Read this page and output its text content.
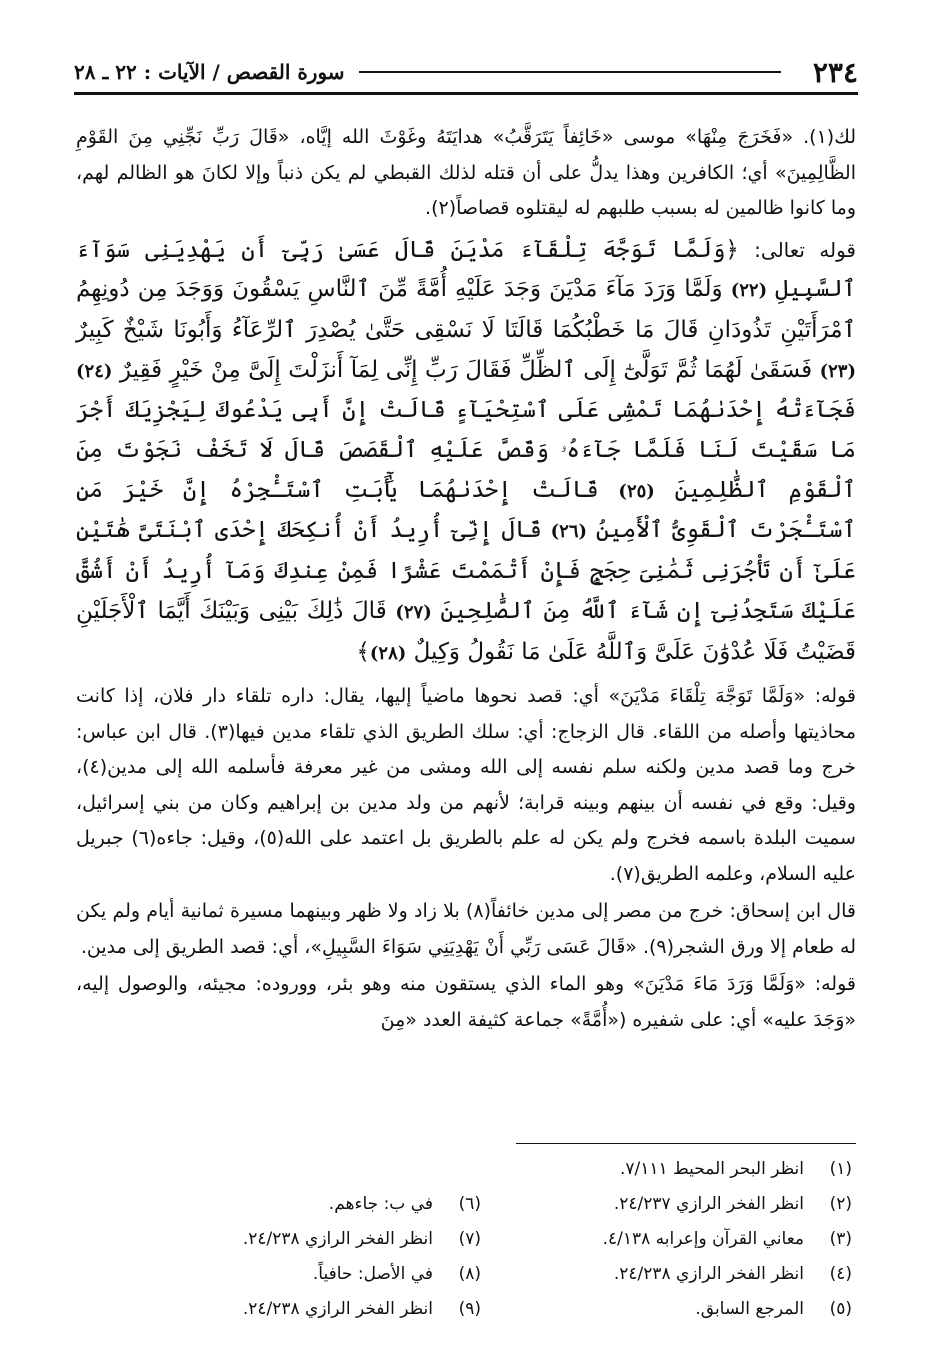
٢٣٤
سورة القصص / الآيات : ٢٢ ـ ٢٨

لك(١). «فَخَرَجَ مِنْهَا» موسى «خَائِفاً يَتَرَقَّبُ» هدايَتَهُ وغَوْثَ الله إيَّاه، «قَالَ رَبِّ نَجِّنِي مِنَ القَوْمِ الظَّالِمِينَ» أي؛ الكافرين وهذا يدلُّ على أن قتله لذلك القبطي لم يكن ذنباً وإلا لكانَ هو الظالم لهم، وما كانوا ظالمين له بسبب طلبهم له ليقتلوه قصاصاً(٢).

قوله تعالى: ﴿وَلَمَّا تَوَجَّهَ تِلْقَآءَ مَدْيَنَ قَالَ عَسَىٰ رَبِّىٓ أَن يَهْدِيَنِى سَوَآءَ ٱلسَّبِيلِ (٢٢) وَلَمَّا وَرَدَ مَآءَ مَدْيَنَ وَجَدَ عَلَيْهِ أُمَّةً مِّنَ ٱلنَّاسِ يَسْقُونَ وَوَجَدَ مِن دُونِهِمُ ٱمْرَأَتَيْنِ تَذُودَانِ قَالَ مَا خَطْبُكُمَا قَالَتَا لَا نَسْقِى حَتَّىٰ يُصْدِرَ ٱلرِّعَآءُ وَأَبُونَا شَيْخٌ كَبِيرٌ (٢٣) فَسَقَىٰ لَهُمَا ثُمَّ تَوَلَّىٰٓ إِلَى ٱلظِّلِّ فَقَالَ رَبِّ إِنِّى لِمَآ أَنزَلْتَ إِلَىَّ مِنْ خَيْرٍ فَقِيرٌ (٢٤) فَجَآءَتْهُ إِحْدَىٰهُمَا تَمْشِى عَلَى ٱسْتِحْيَآءٍ قَالَتْ إِنَّ أَبِى يَدْعُوكَ لِيَجْزِيَكَ أَجْرَ مَا سَقَيْتَ لَنَا فَلَمَّا جَآءَهُۥ وَقَصَّ عَلَيْهِ ٱلْقَصَصَ قَالَ لَا تَخَفْ نَجَوْتَ مِنَ ٱلْقَوْمِ ٱلظَّٰلِمِينَ (٢٥) قَالَتْ إِحْدَىٰهُمَا يَٰٓأَبَتِ ٱسْتَـْٔجِرْهُ إِنَّ خَيْرَ مَنِ ٱسْتَـْٔجَرْتَ ٱلْقَوِىُّ ٱلْأَمِينُ (٢٦) قَالَ إِنِّىٓ أُرِيدُ أَنْ أُنكِحَكَ إِحْدَى ٱبْنَتَىَّ هَٰتَيْنِ عَلَىٰٓ أَن تَأْجُرَنِى ثَمَٰنِىَ حِجَجٍ فَإِنْ أَتْمَمْتَ عَشْرًا فَمِنْ عِندِكَ وَمَآ أُرِيدُ أَنْ أَشُقَّ عَلَيْكَ سَتَجِدُنِىٓ إِن شَآءَ ٱللَّهُ مِنَ ٱلصَّٰلِحِينَ (٢٧) قَالَ ذَٰلِكَ بَيْنِى وَبَيْنَكَ أَيَّمَا ٱلْأَجَلَيْنِ قَضَيْتُ فَلَا عُدْوَٰنَ عَلَىَّ وَٱللَّهُ عَلَىٰ مَا نَقُولُ وَكِيلٌ (٢٨)﴾

قوله: «وَلَمَّا تَوَجَّهَ تِلْقَاءَ مَدْيَنَ» أي: قصد نحوها ماضياً إليها، يقال: داره تلقاء دار فلان، إذا كانت محاذيتها وأصله من اللقاء. قال الزجاج: أي: سلك الطريق الذي تلقاء مدين فيها(٣). قال ابن عباس: خرج وما قصد مدين ولكنه سلم نفسه إلى الله ومشى من غير معرفة فأسلمه الله إلى مدين(٤)، وقيل: وقع في نفسه أن بينهم وبينه قرابة؛ لأنهم من ولد مدين بن إبراهيم وكان من بني إسرائيل، سميت البلدة باسمه فخرج ولم يكن له علم بالطريق بل اعتمد على الله(٥)، وقيل: جاءه(٦) جبريل عليه السلام، وعلمه الطريق(٧).

قال ابن إسحاق: خرج من مصر إلى مدين خائفاً(٨) بلا زاد ولا ظهر وبينهما مسيرة ثمانية أيام ولم يكن له طعام إلا ورق الشجر(٩). «قَالَ عَسَى رَبِّي أَنْ يَهْدِيَنِي سَوَاءَ السَّبِيلِ»، أي: قصد الطريق إلى مدين.

قوله: «وَلَمَّا وَرَدَ مَاءَ مَدْيَنَ» وهو الماء الذي يستقون منه وهو بئر، ووروده: مجيئه، والوصول إليه، «وَجَدَ عليه» أي: على شفيره («أُمَّةً» جماعة كثيفة العدد «مِنَ

(١)انظر البحر المحيط ٧/١١١.
(٢)انظر الفخر الرازي ٢٤/٢٣٧.
(٣)معاني القرآن وإعرابه ٤/١٣٨.
(٤)انظر الفخر الرازي ٢٤/٢٣٨.
(٥)المرجع السابق.
(٦)في ب: جاءهم.
(٧)انظر الفخر الرازي ٢٤/٢٣٨.
(٨)في الأصل: حافياً.
(٩)انظر الفخر الرازي ٢٤/٢٣٨.
